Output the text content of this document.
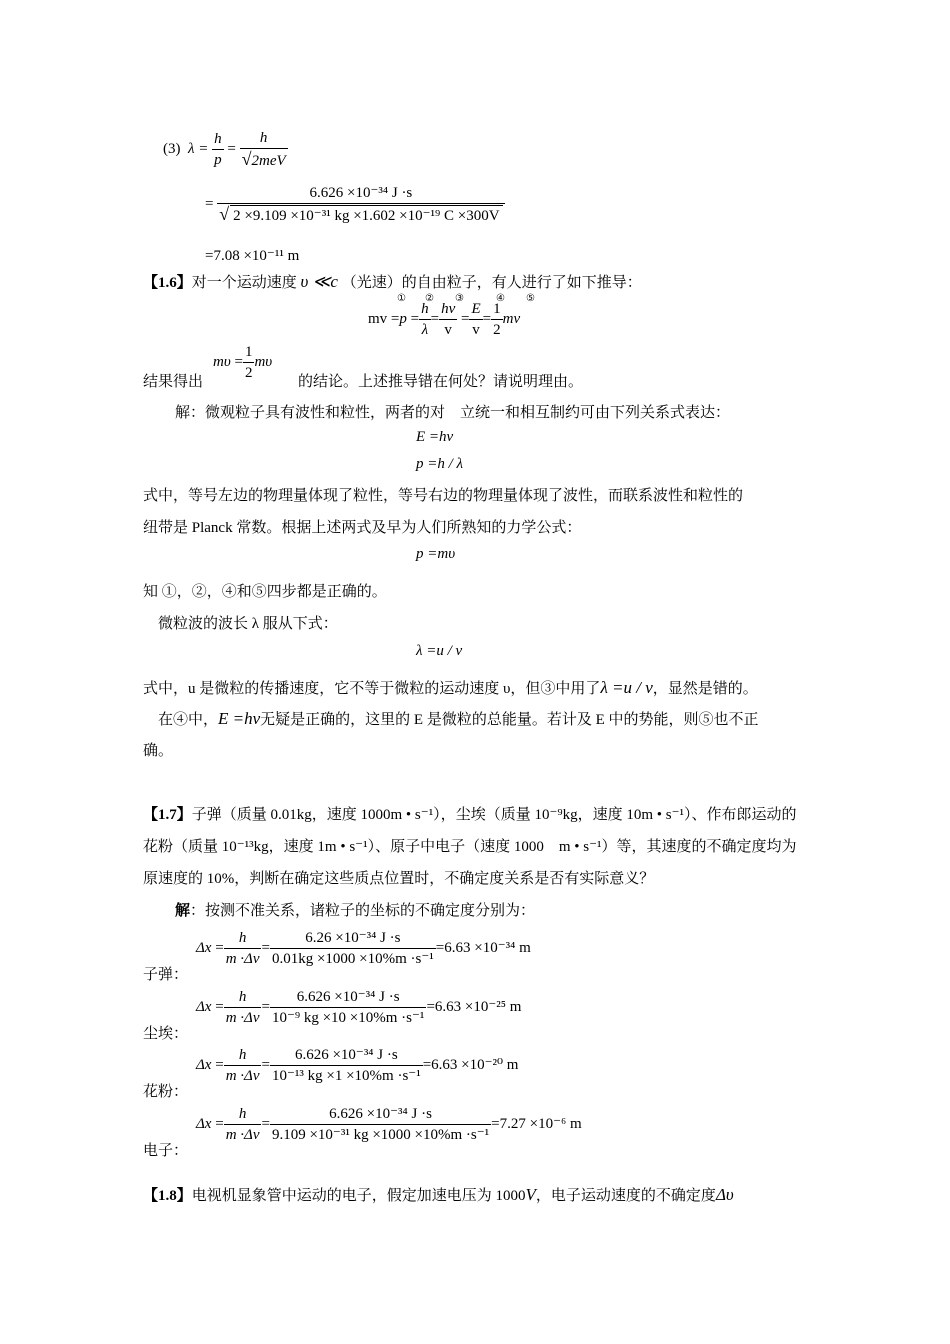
(3)  $\lambda = \frac{h}{p} = \frac{h}{\text{√2meV}}$
= $\frac{\text{6.626 ×10⁻³⁴ J ·s}}{\text{√ 2 ×9.109 ×10⁻³¹ kg ×1.602 ×10⁻¹⁹ C ×300V}}$
=7.08 ×10⁻¹¹ m
【1.6】对一个运动速度 υ ≪c （光速）的自由粒子，有人进行了如下推导：
① ② ③	④ ⑤
mv $=p = \frac{h}{\lambda} = \frac{h\nu}{v} = \frac{E}{v} = \frac{1}{2}$ mv
结果得出
$m\upsilon = \frac{1}{2}$ mυ
的结论。上述推导错在何处？请说明理由。
解：微观粒子具有波性和粒性，两者的对　立统一和相互制约可由下列关系式表达：
E =hν
p =h / λ
式中，等号左边的物理量体现了粒性，等号右边的物理量体现了波性，而联系波性和粒性的
纽带是 Planck 常数。根据上述两式及早为人们所熟知的力学公式：
p =mυ
知 ①，②，④和⑤四步都是正确的。
微粒波的波长 λ 服从下式：
λ =u / ν
式中，u 是微粒的传播速度，它不等于微粒的运动速度 υ，但③中用了λ =u / ν，显然是错的。
在④中，E =hν无疑是正确的，这里的 E 是微粒的总能量。若计及 E 中的势能，则⑤也不正
确。
【1.7】子弹（质量 0.01kg，速度 1000m • s⁻¹），尘埃（质量 10⁻⁹kg，速度 10m • s⁻¹）、作布郎运动的
花粉（质量 10⁻¹³kg，速度 1m • s⁻¹）、原子中电子（速度 1000　m • s⁻¹）等，其速度的不确定度均为
原速度的 10%，判断在确定这些质点位置时，不确定度关系是否有实际意义？
解：按测不准关系，诸粒子的坐标的不确定度分别为：
子弹：
$\Delta x = \frac{h}{m \cdot\Delta v} = \frac{\text{6.26 ×10⁻³⁴ J ·s}}{\text{0.01kg ×1000 ×10\%m ·s⁻¹}} =6.63 \times 10^{-34}$ m
尘埃：
$\Delta x = \frac{h}{m \cdot\Delta v} = \frac{\text{6.626 ×10⁻³⁴ J ·s}}{\text{10⁻⁹ kg ×10 ×10\%m ·s⁻¹}} =6.63 \times 10^{-25}$ m
花粉：
$\Delta x = \frac{h}{m \cdot\Delta v} = \frac{\text{6.626 ×10⁻³⁴ J ·s}}{\text{10⁻¹³ kg ×1 ×10\%m ·s⁻¹}} =6.63 \times 10^{-20}$ m
电子：
$\Delta x = \frac{h}{m \cdot\Delta v} = \frac{\text{6.626 ×10⁻³⁴ J ·s}}{\text{9.109 ×10⁻³¹ kg ×1000 ×10\%m ·s⁻¹}} =7.27 \times 10^{-6}$ m
【1.8】电视机显象管中运动的电子，假定加速电压为 1000V，电子运动速度的不确定度Δυ
